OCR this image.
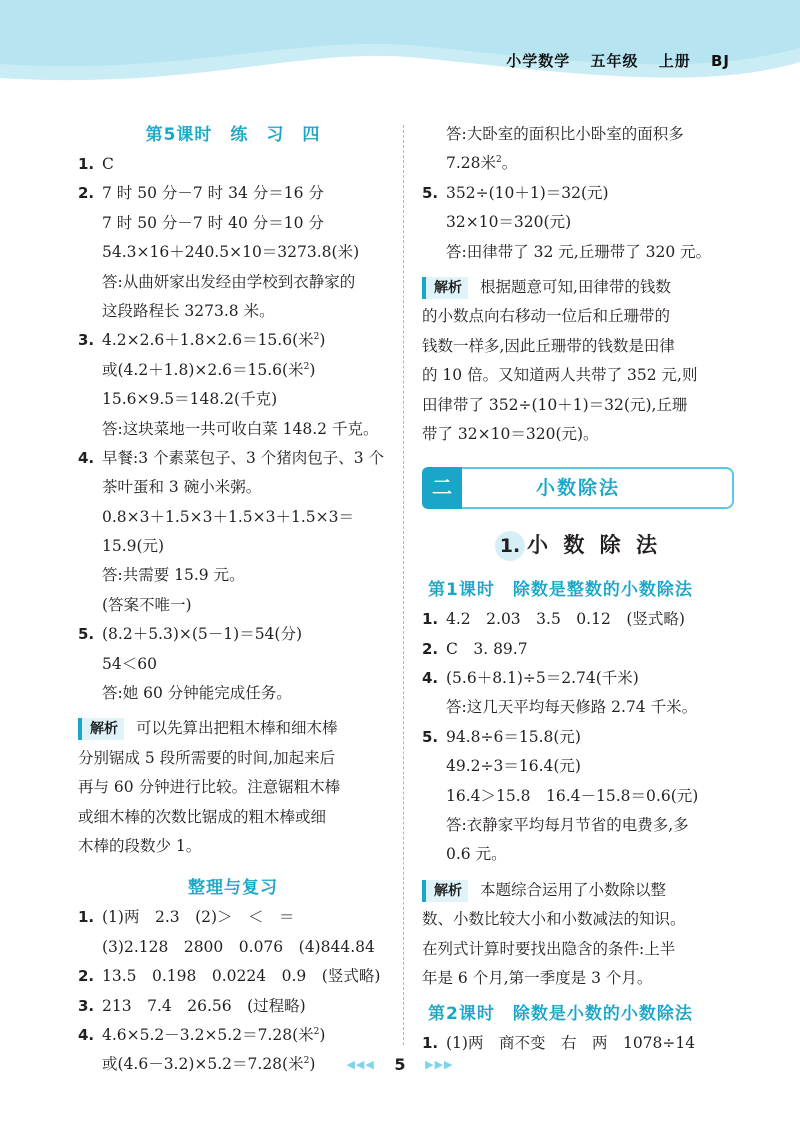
小学数学 五年级 上册 BJ
第5课时 练 习 四
1. C
2. 7 时 50 分－7 时 34 分＝16 分
7 时 50 分－7 时 40 分＝10 分
54.3×16＋240.5×10＝3273.8(米)
答:从曲妍家出发经由学校到衣静家的
这段路程长 3273.8 米。
3. 4.2×2.6＋1.8×2.6＝15.6(米$^2$)
或(4.2＋1.8)×2.6＝15.6(米$^2$)
15.6×9.5＝148.2(千克)
答:这块菜地一共可收白菜 148.2 千克。
4. 早餐:3 个素菜包子、3 个猪肉包子、3 个
茶叶蛋和 3 碗小米粥。
0.8×3＋1.5×3＋1.5×3＋1.5×3＝
15.9(元)
答:共需要 15.9 元。
(答案不唯一)
5. (8.2＋5.3)×(5－1)＝54(分)
54＜60
答:她 60 分钟能完成任务。
解析 可以先算出把粗木棒和细木棒
分别锯成 5 段所需要的时间,加起来后
再与 60 分钟进行比较。注意锯粗木棒
或细木棒的次数比锯成的粗木棒或细
木棒的段数少 1。
整理与复习
1. (1)两　2.3　(2)＞　＜　＝
(3)2.128　2800　0.076　(4)844.84
2. 13.5　0.198　0.0224　0.9　(竖式略)
3. 213　7.4　26.56　(过程略)
4. 4.6×5.2－3.2×5.2＝7.28(米$^2$)
或(4.6－3.2)×5.2＝7.28(米$^2$)
答:大卧室的面积比小卧室的面积多
7.28米$^2$。
5. 352÷(10＋1)＝32(元)
32×10＝320(元)
答:田律带了 32 元,丘珊带了 320 元。
解析 根据题意可知,田律带的钱数
的小数点向右移动一位后和丘珊带的
钱数一样多,因此丘珊带的钱数是田律
的 10 倍。又知道两人共带了 352 元,则
田律带了 352÷(10＋1)＝32(元),丘珊
带了 32×10＝320(元)。
二	小数除法
1. 小 数 除 法
第1课时 除数是整数的小数除法
1. 4.2　2.03　3.5　0.12　(竖式略)
2. C　3. 89.7
4. (5.6＋8.1)÷5＝2.74(千米)
答:这几天平均每天修路 2.74 千米。
5. 94.8÷6＝15.8(元)
49.2÷3＝16.4(元)
16.4＞15.8　16.4－15.8＝0.6(元)
答:衣静家平均每月节省的电费多,多
0.6 元。
解析 本题综合运用了小数除以整
数、小数比较大小和小数减法的知识。
在列式计算时要找出隐含的条件:上半
年是 6 个月,第一季度是 3 个月。
第2课时 除数是小数的小数除法
1. (1)两　商不变　右　两　1078÷14
◀◀◀ 5 ▶▶▶
